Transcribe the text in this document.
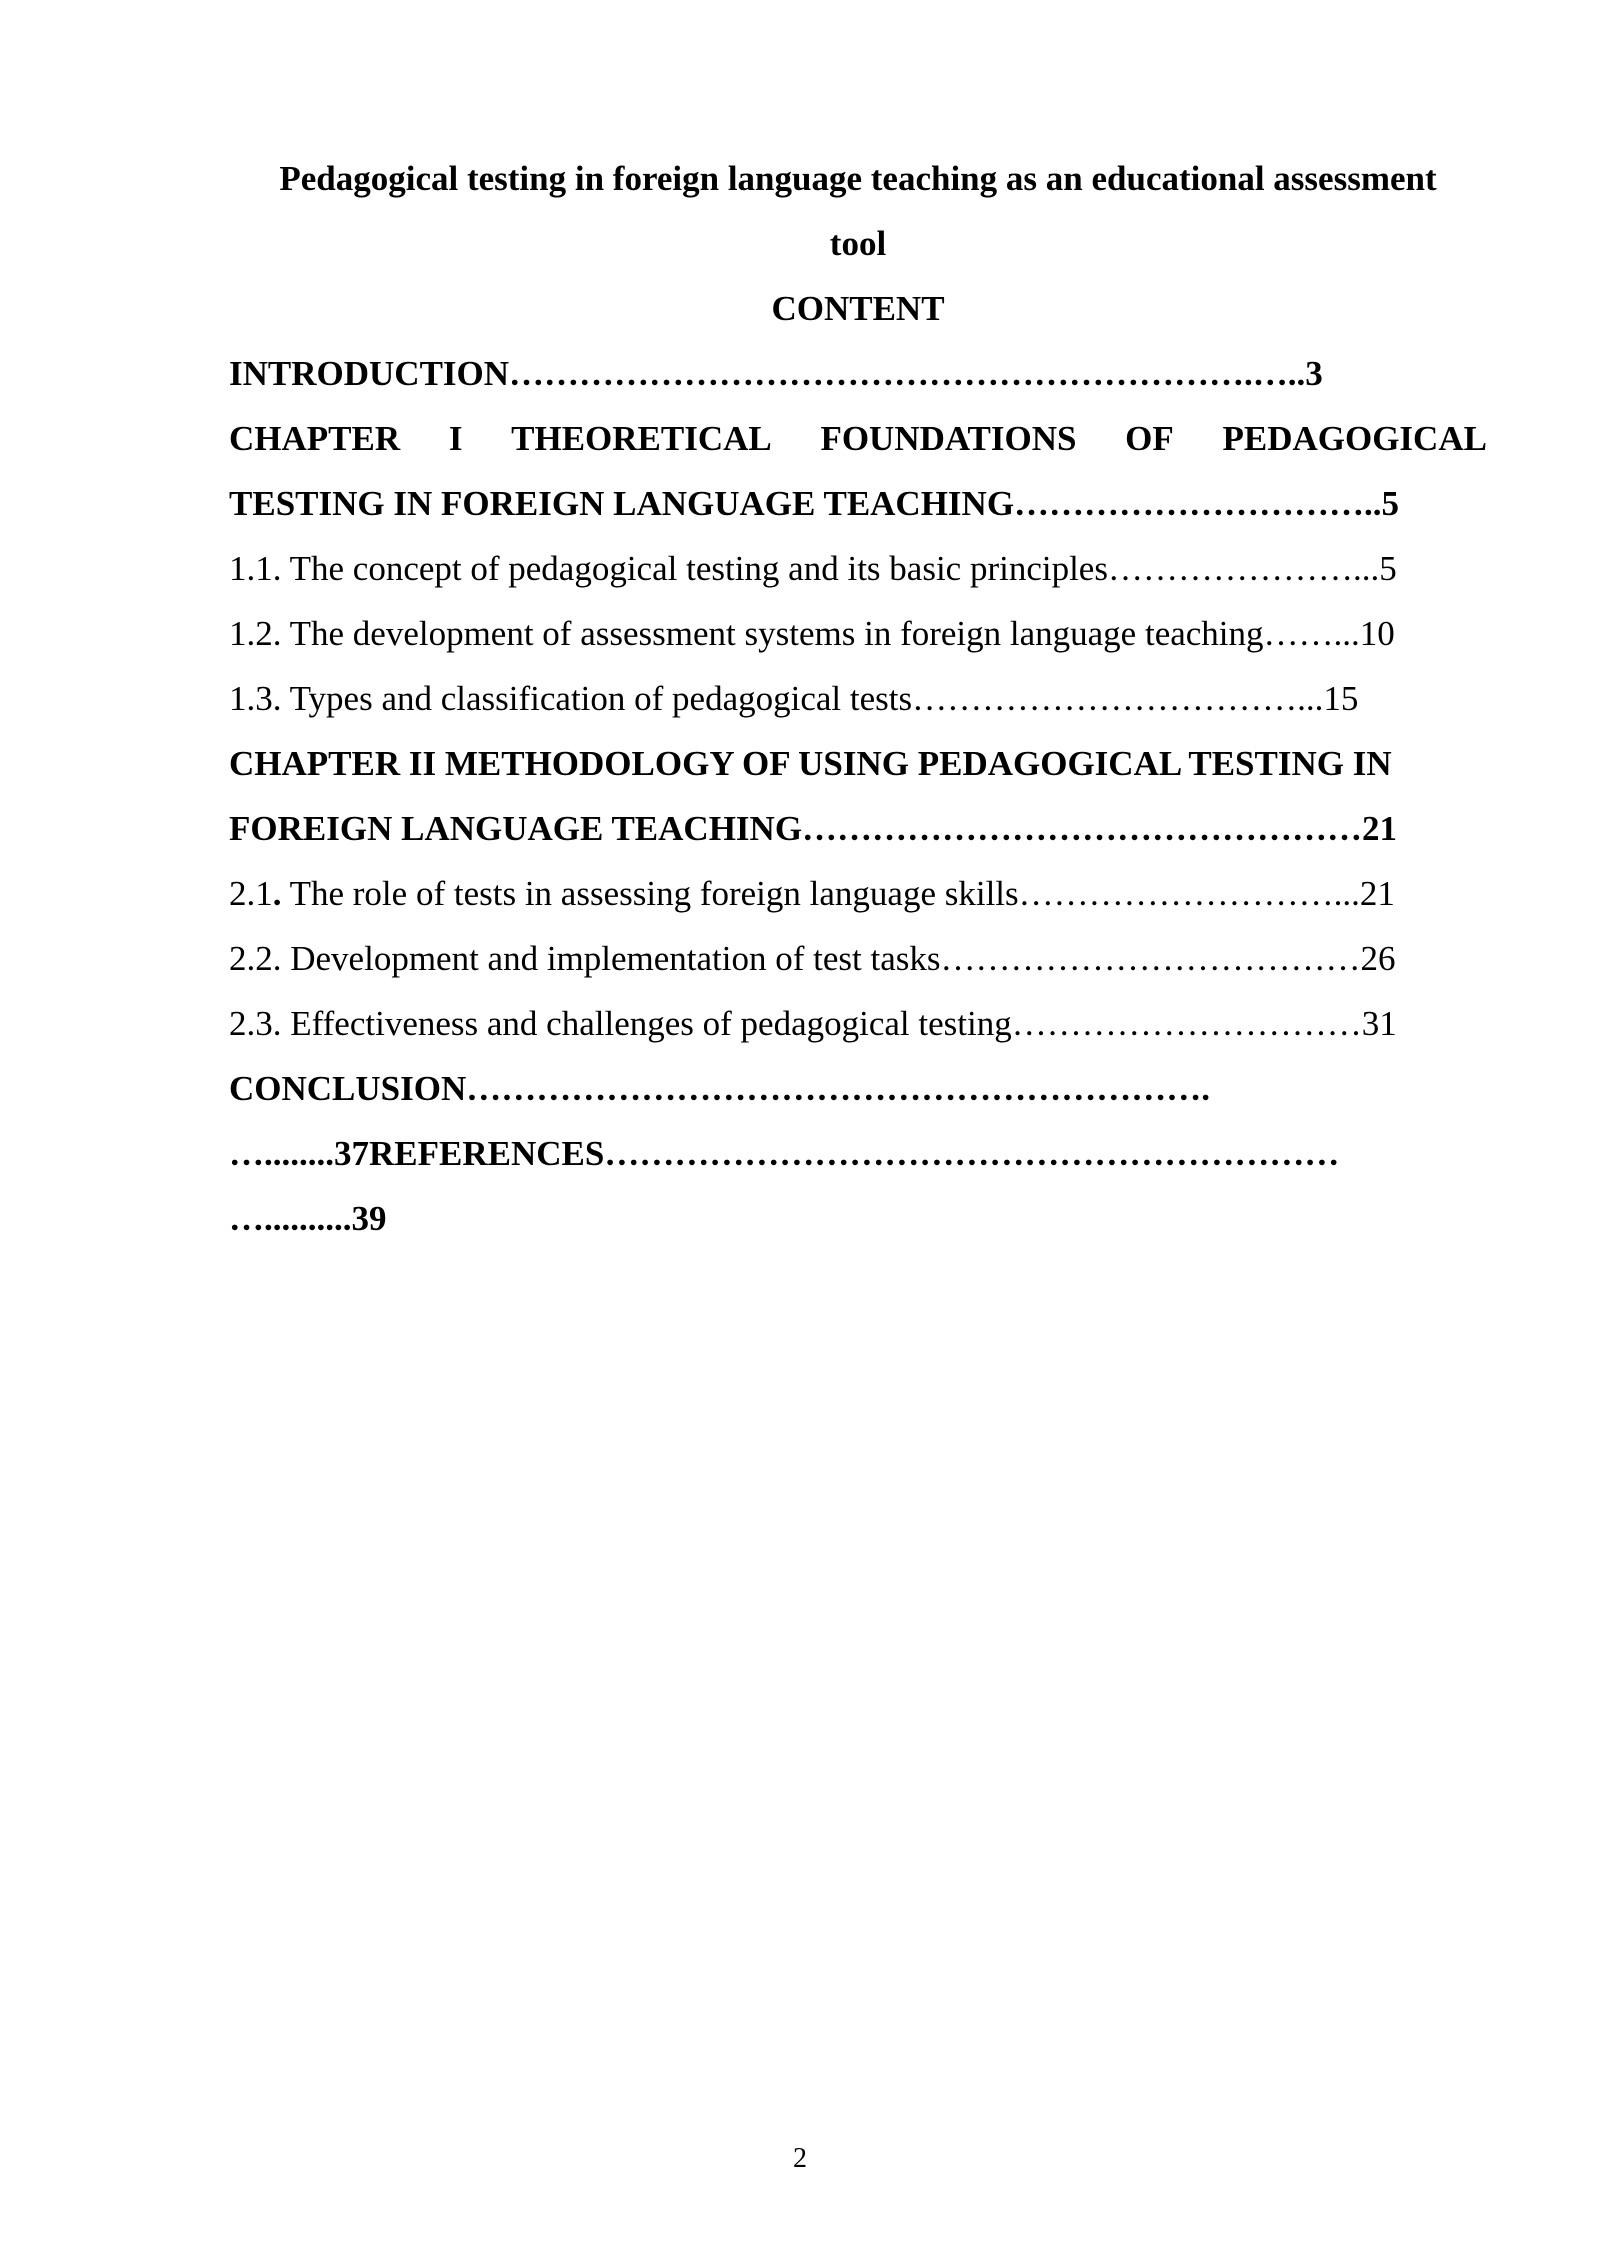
Pedagogical testing in foreign language teaching as an educational assessment
tool

CONTENT

INTRODUCTION……………………………………………………….…..3
CHAPTER I THEORETICAL FOUNDATIONS OF PEDAGOGICAL
TESTING IN FOREIGN LANGUAGE TEACHING…………………………..5
1.1. The concept of pedagogical testing and its basic principles…………………...5
1.2. The development of assessment systems in foreign language teaching……...10
1.3. Types and classification of pedagogical tests……………………………...15
CHAPTER II METHODOLOGY OF USING PEDAGOGICAL TESTING IN
FOREIGN LANGUAGE TEACHING…………………………………………21
2.1. The role of tests in assessing foreign language skills………………………...21
2.2. Development and implementation of test tasks………………………………26
2.3. Effectiveness and challenges of pedagogical testing…………………………31
CONCLUSION……………………………………………………….
…........37REFERENCES………………………………………………………
…..........39
2
